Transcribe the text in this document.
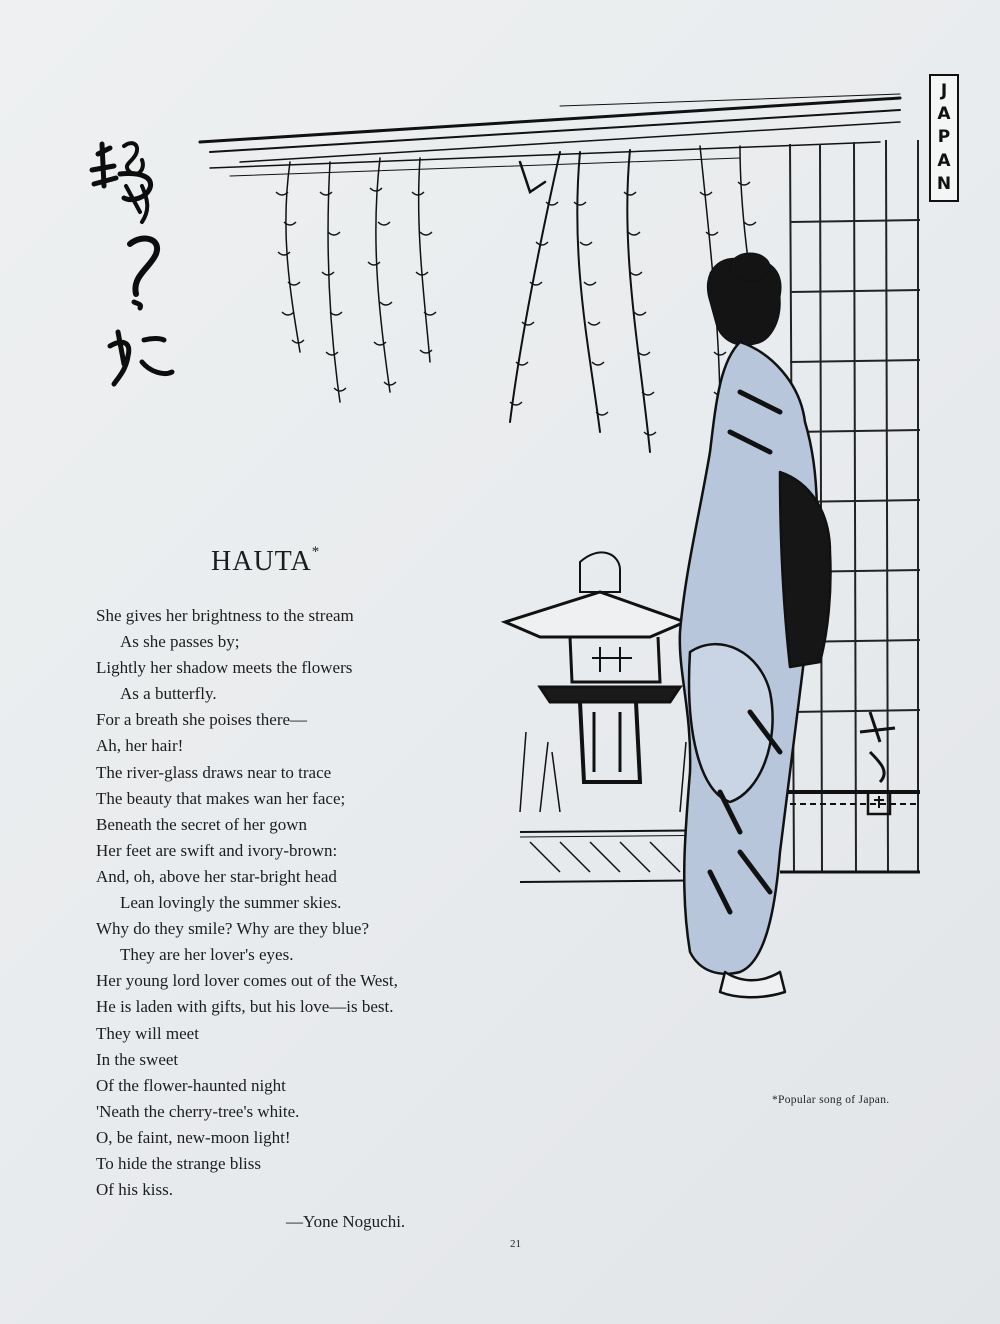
J
A
P
A
N
HAUTA*
She gives her brightness to the stream
As she passes by;
Lightly her shadow meets the flowers
As a butterfly.
For a breath she poises there—
Ah, her hair!
The river-glass draws near to trace
The beauty that makes wan her face;
Beneath the secret of her gown
Her feet are swift and ivory-brown:
And, oh, above her star-bright head
Lean lovingly the summer skies.
Why do they smile? Why are they blue?
They are her lover's eyes.
Her young lord lover comes out of the West,
He is laden with gifts, but his love—is best.
They will meet
In the sweet
Of the flower-haunted night
'Neath the cherry-tree's white.
O, be faint, new-moon light!
To hide the strange bliss
Of his kiss.
—Yone Noguchi.
*Popular song of Japan.
21
